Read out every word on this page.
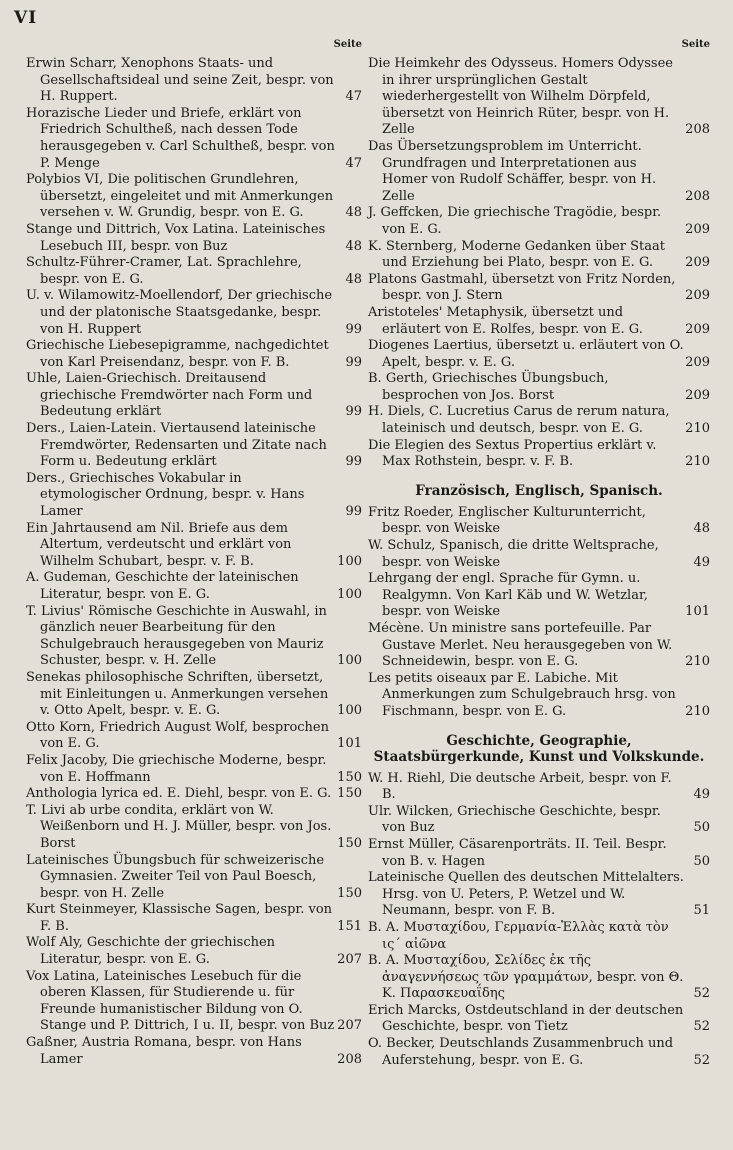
VI
Seite
Erwin Scharr, Xenophons Staats- und Gesellschaftsideal und seine Zeit, bespr. von H. Ruppert.	47
Horazische Lieder und Briefe, erklärt von Friedrich Schultheß, nach dessen Tode herausgegeben v. Carl Schultheß, bespr. von P. Menge	47
Polybios VI, Die politischen Grundlehren, übersetzt, eingeleitet und mit Anmerkungen versehen v. W. Grundig, bespr. von E. G.	48
Stange und Dittrich, Vox Latina. Lateinisches Lesebuch III, bespr. von Buz	48
Schultz-Führer-Cramer, Lat. Sprachlehre, bespr. von E. G.	48
U. v. Wilamowitz-Moellendorf, Der griechische und der platonische Staatsgedanke, bespr. von H. Ruppert	99
Griechische Liebesepigramme, nachgedichtet von Karl Preisendanz, bespr. von F. B.	99
Uhle, Laien-Griechisch. Dreitausend griechische Fremdwörter nach Form und Bedeutung erklärt	99
Ders., Laien-Latein. Viertausend lateinische Fremdwörter, Redensarten und Zitate nach Form u. Bedeutung erklärt	99
Ders., Griechisches Vokabular in etymologischer Ordnung, bespr. v. Hans Lamer	99
Ein Jahrtausend am Nil. Briefe aus dem Altertum, verdeutscht und erklärt von Wilhelm Schubart, bespr. v. F. B.	100
A. Gudeman, Geschichte der lateinischen Literatur, bespr. von E. G.	100
T. Livius' Römische Geschichte in Auswahl, in gänzlich neuer Bearbeitung für den Schulgebrauch herausgegeben von Mauriz Schuster, bespr. v. H. Zelle	100
Senekas philosophische Schriften, übersetzt, mit Einleitungen u. Anmerkungen versehen v. Otto Apelt, bespr. v. E. G.	100
Otto Korn, Friedrich August Wolf, besprochen von E. G.	101
Felix Jacoby, Die griechische Moderne, bespr. von E. Hoffmann	150
Anthologia lyrica ed. E. Diehl, bespr. von E. G. 150
T. Livi ab urbe condita, erklärt von W. Weißenborn und H. J. Müller, bespr. von Jos. Borst	150
Lateinisches Übungsbuch für schweizerische Gymnasien. Zweiter Teil von Paul Boesch, bespr. von H. Zelle	150
Kurt Steinmeyer, Klassische Sagen, bespr. von F. B.	151
Wolf Aly, Geschichte der griechischen Literatur, bespr. von E. G.	207
Vox Latina, Lateinisches Lesebuch für die oberen Klassen, für Studierende u. für Freunde humanistischer Bildung von O. Stange und P. Dittrich, I u. II, bespr. von Buz 207
Gaßner, Austria Romana, bespr. von Hans Lamer	208
Seite
Die Heimkehr des Odysseus. Homers Odyssee in ihrer ursprünglichen Gestalt wiederhergestellt von Wilhelm Dörpfeld, übersetzt von Heinrich Rüter, bespr. von H. Zelle	208
Das Übersetzungsproblem im Unterricht. Grundfragen und Interpretationen aus Homer von Rudolf Schäffer, bespr. von H. Zelle	208
J. Geffcken, Die griechische Tragödie, bespr. von E. G.	209
K. Sternberg, Moderne Gedanken über Staat und Erziehung bei Plato, bespr. von E. G. 209
Platons Gastmahl, übersetzt von Fritz Norden, bespr. von J. Stern	209
Aristoteles' Metaphysik, übersetzt und erläutert von E. Rolfes, bespr. von E. G.	209
Diogenes Laertius, übersetzt u. erläutert von O. Apelt, bespr. v. E. G.	209
B. Gerth, Griechisches Übungsbuch, besprochen von Jos. Borst	209
H. Diels, C. Lucretius Carus de rerum natura, lateinisch und deutsch, bespr. von E. G.	210
Die Elegien des Sextus Propertius erklärt v. Max Rothstein, bespr. v. F. B.	210
Französisch, Englisch, Spanisch.
Fritz Roeder, Englischer Kulturunterricht, bespr. von Weiske	48
W. Schulz, Spanisch, die dritte Weltsprache, bespr. von Weiske	49
Lehrgang der engl. Sprache für Gymn. u. Realgymn. Von Karl Käb und W. Wetzlar, bespr. von Weiske	101
Mécène. Un ministre sans portefeuille. Par Gustave Merlet. Neu herausgegeben von W. Schneidewin, bespr. von E. G.	210
Les petits oiseaux par E. Labiche. Mit Anmerkungen zum Schulgebrauch hrsg. von Fischmann, bespr. von E. G.	210
Geschichte, Geographie, Staatsbürgerkunde, Kunst und Volkskunde.
W. H. Riehl, Die deutsche Arbeit, bespr. von F. B.	49
Ulr. Wilcken, Griechische Geschichte, bespr. von Buz	50
Ernst Müller, Cäsarenporträts. II. Teil. Bespr. von B. v. Hagen	50
Lateinische Quellen des deutschen Mittelalters. Hrsg. von U. Peters, P. Wetzel und W. Neumann, bespr. von F. B.	51
Β. Α. Μυσταχίδου, Γερμανία-Ἑλλὰς κατὰ τὸν ις´ αἰῶνα
Β. Α. Μυσταχίδου, Σελίδες ἐκ τῆς ἀναγεννήσεως τῶν γραμμάτων, bespr. von Θ. Κ. Παρασκευαΐδης	52
Erich Marcks, Ostdeutschland in der deutschen Geschichte, bespr. von Tietz	52
O. Becker, Deutschlands Zusammenbruch und Auferstehung, bespr. von E. G.	52
